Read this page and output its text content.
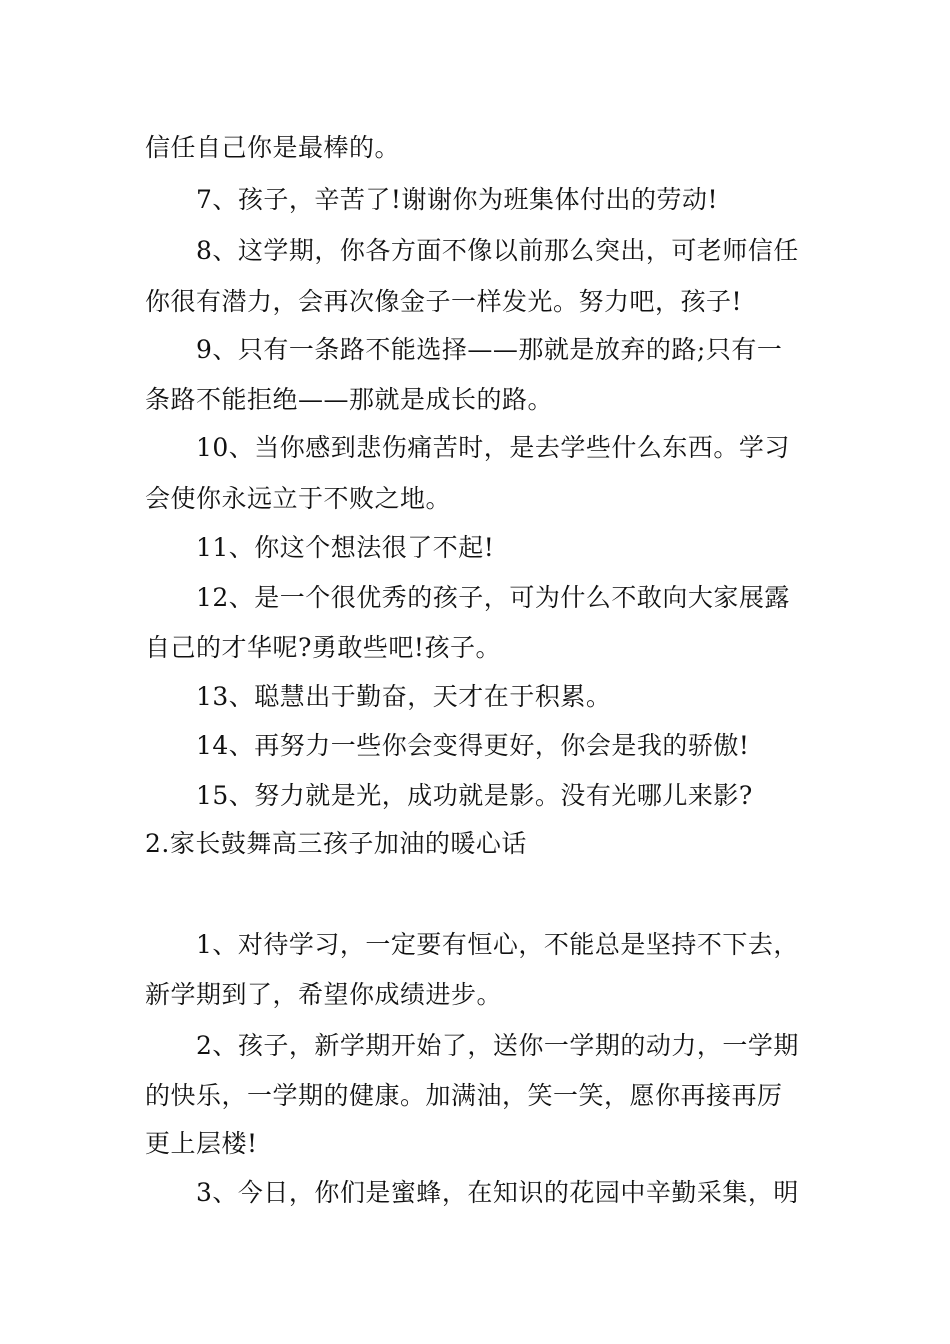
信任自己你是最棒的。
7、孩子，辛苦了!谢谢你为班集体付出的劳动!
8、这学期，你各方面不像以前那么突出，可老师信任
你很有潜力，会再次像金子一样发光。努力吧，孩子!
9、只有一条路不能选择——那就是放弃的路;只有一
条路不能拒绝——那就是成长的路。
10、当你感到悲伤痛苦时，是去学些什么东西。学习
会使你永远立于不败之地。
11、你这个想法很了不起!
12、是一个很优秀的孩子，可为什么不敢向大家展露
自己的才华呢?勇敢些吧!孩子。
13、聪慧出于勤奋，天才在于积累。
14、再努力一些你会变得更好，你会是我的骄傲!
15、努力就是光，成功就是影。没有光哪儿来影?
2.家长鼓舞高三孩子加油的暖心话
1、对待学习，一定要有恒心，不能总是坚持不下去，
新学期到了，希望你成绩进步。
2、孩子，新学期开始了，送你一学期的动力，一学期
的快乐，一学期的健康。加满油，笑一笑，愿你再接再厉
更上层楼!
3、今日，你们是蜜蜂，在知识的花园中辛勤采集，明
